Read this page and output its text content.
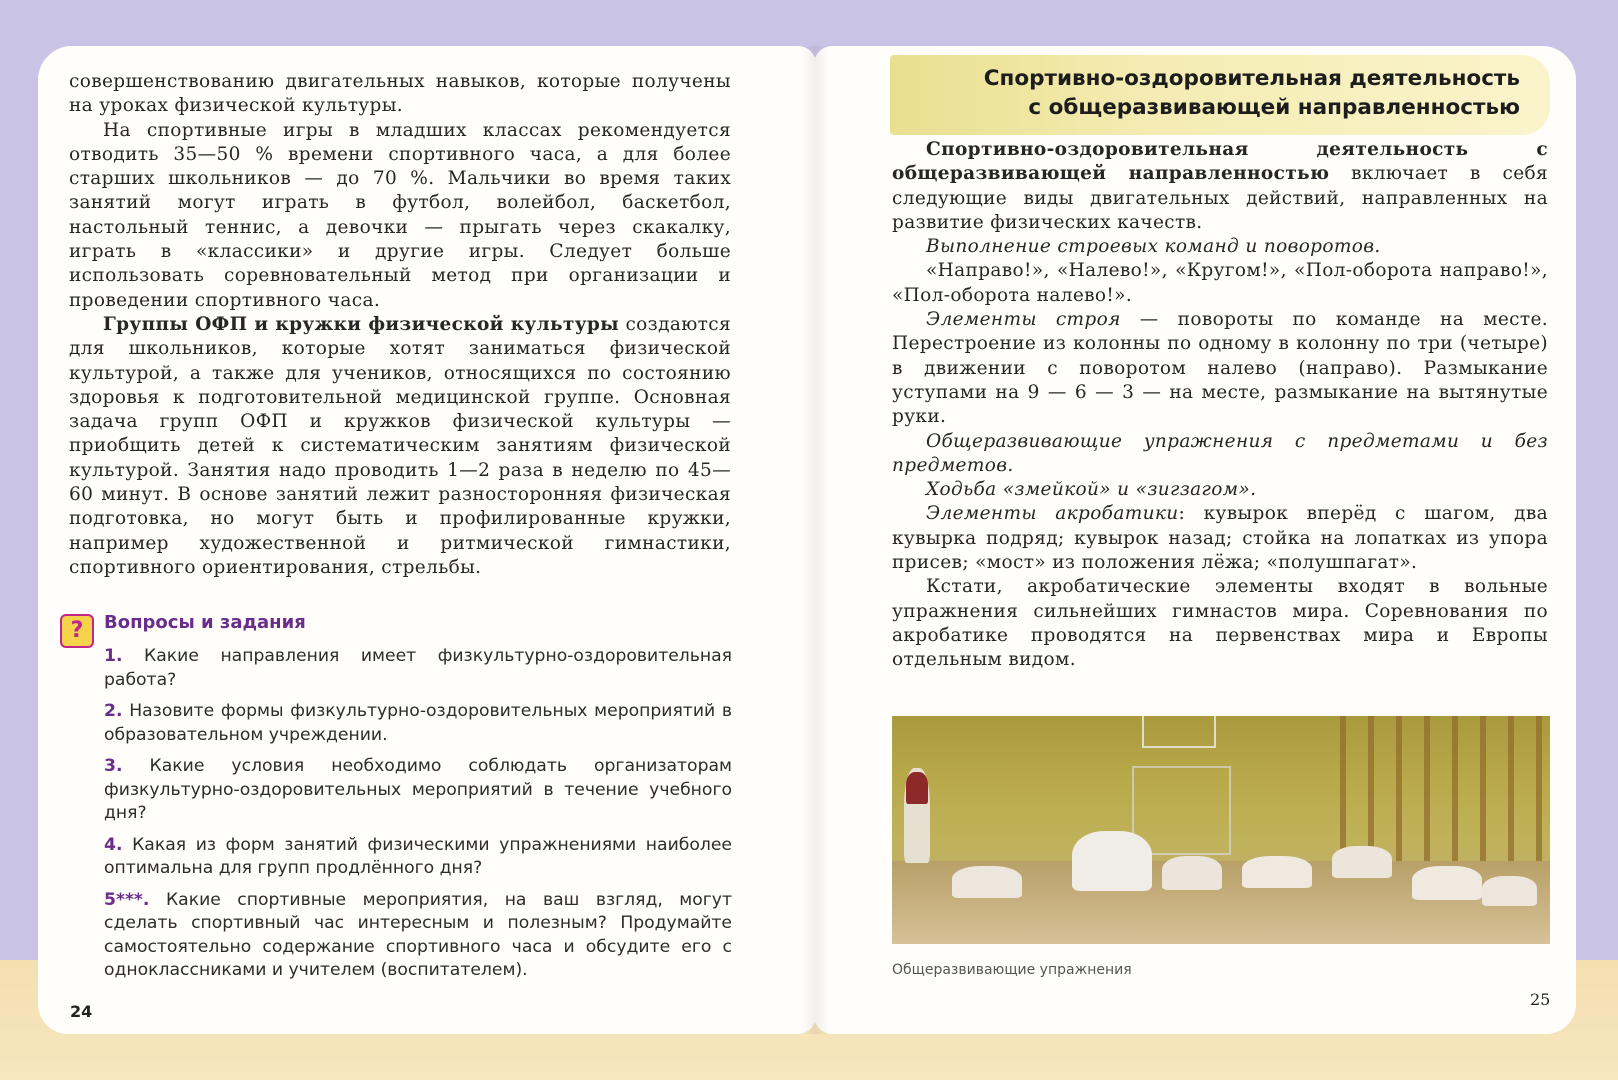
совершенствованию двигательных навыков, которые получены на уроках физической культуры.

На спортивные игры в младших классах рекомендуется отводить 35—50 % времени спортивного часа, а для более старших школьников — до 70 %. Мальчики во время таких занятий могут играть в футбол, волейбол, баскетбол, настольный теннис, а девочки — прыгать через скакалку, играть в «классики» и другие игры. Следует больше использовать соревновательный метод при организации и проведении спортивного часа.

Группы ОФП и кружки физической культуры создаются для школьников, которые хотят заниматься физической культурой, а также для учеников, относящихся по состоянию здоровья к подготовительной медицинской группе. Основная задача групп ОФП и кружков физической культуры — приобщить детей к систематическим занятиям физической культурой. Занятия надо проводить 1—2 раза в неделю по 45—60 минут. В основе занятий лежит разносторонняя физическая подготовка, но могут быть и профилированные кружки, например художественной и ритмической гимнастики, спортивного ориентирования, стрельбы.

?	Вопросы и задания

1. Какие направления имеет физкультурно-оздоровительная работа?

2. Назовите формы физкультурно-оздоровительных мероприятий в образовательном учреждении.

3. Какие условия необходимо соблюдать организаторам физкультурно-оздоровительных мероприятий в течение учебного дня?

4. Какая из форм занятий физическими упражнениями наиболее оптимальна для групп продлённого дня?

5***. Какие спортивные мероприятия, на ваш взгляд, могут сделать спортивный час интересным и полезным? Продумайте самостоятельно содержание спортивного часа и обсудите его с одноклассниками и учителем (воспитателем).

24
Спортивно-оздоровительная деятельность
с общеразвивающей направленностью

Спортивно-оздоровительная деятельность с общеразвивающей направленностью включает в себя следующие виды двигательных действий, направленных на развитие физических качеств.

Выполнение строевых команд и поворотов.

«Направо!», «Налево!», «Кругом!», «Пол-оборота направо!», «Пол-оборота налево!».

Элементы строя — повороты по команде на месте. Перестроение из колонны по одному в колонну по три (четыре) в движении с поворотом налево (направо). Размыкание уступами на 9 — 6 — 3 — на месте, размыкание на вытянутые руки.

Общеразвивающие упражнения с предметами и без предметов.

Ходьба «змейкой» и «зигзагом».

Элементы акробатики: кувырок вперёд с шагом, два кувырка подряд; кувырок назад; стойка на лопатках из упора присев; «мост» из положения лёжа; «полушпагат».

Кстати, акробатические элементы входят в вольные упражнения сильнейших гимнастов мира. Соревнования по акробатике проводятся на первенствах мира и Европы отдельным видом.

Общеразвивающие упражнения
25
